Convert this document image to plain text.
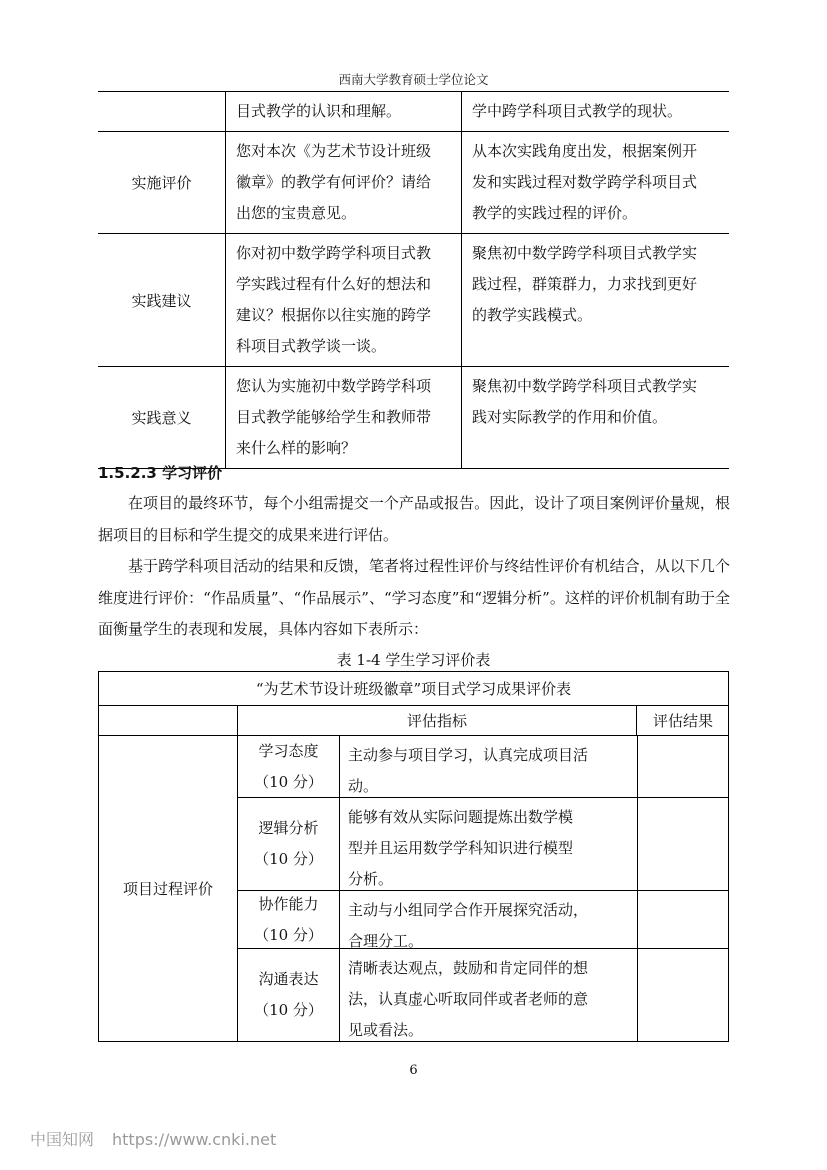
西南大学教育硕士学位论文
目式教学的认识和理解。	学中跨学科项目式教学的现状。
实施评价
您对本次《为艺术节设计班级
徽章》的教学有何评价？请给
出您的宝贵意见。
从本次实践角度出发，根据案例开
发和实践过程对数学跨学科项目式
教学的实践过程的评价。
实践建议
你对初中数学跨学科项目式教
学实践过程有什么好的想法和
建议？根据你以往实施的跨学
科项目式教学谈一谈。
聚焦初中数学跨学科项目式教学实
践过程，群策群力，力求找到更好
的教学实践模式。
实践意义
您认为实施初中数学跨学科项
目式教学能够给学生和教师带
来什么样的影响？
聚焦初中数学跨学科项目式教学实
践对实际教学的作用和价值。
1.5.2.3 学习评价
在项目的最终环节，每个小组需提交一个产品或报告。因此，设计了项目案例评价量规，根据项目的目标和学生提交的成果来进行评估。
基于跨学科项目活动的结果和反馈，笔者将过程性评价与终结性评价有机结合，从以下几个维度进行评价：“作品质量”、“作品展示”、“学习态度”和“逻辑分析”。这样的评价机制有助于全面衡量学生的表现和发展，具体内容如下表所示：
表 1-4 学生学习评价表
“为艺术节设计班级徽章”项目式学习成果评价表
评估指标	评估结果
项目过程评价
学习态度
（10 分）
主动参与项目学习，认真完成项目活
动。
逻辑分析
（10 分）
能够有效从实际问题提炼出数学模
型并且运用数学学科知识进行模型
分析。
协作能力
（10 分）
主动与小组同学合作开展探究活动，
合理分工。
沟通表达
（10 分）
清晰表达观点，鼓励和肯定同伴的想
法，认真虚心听取同伴或者老师的意
见或看法。
6
中国知网 https://www.cnki.net
